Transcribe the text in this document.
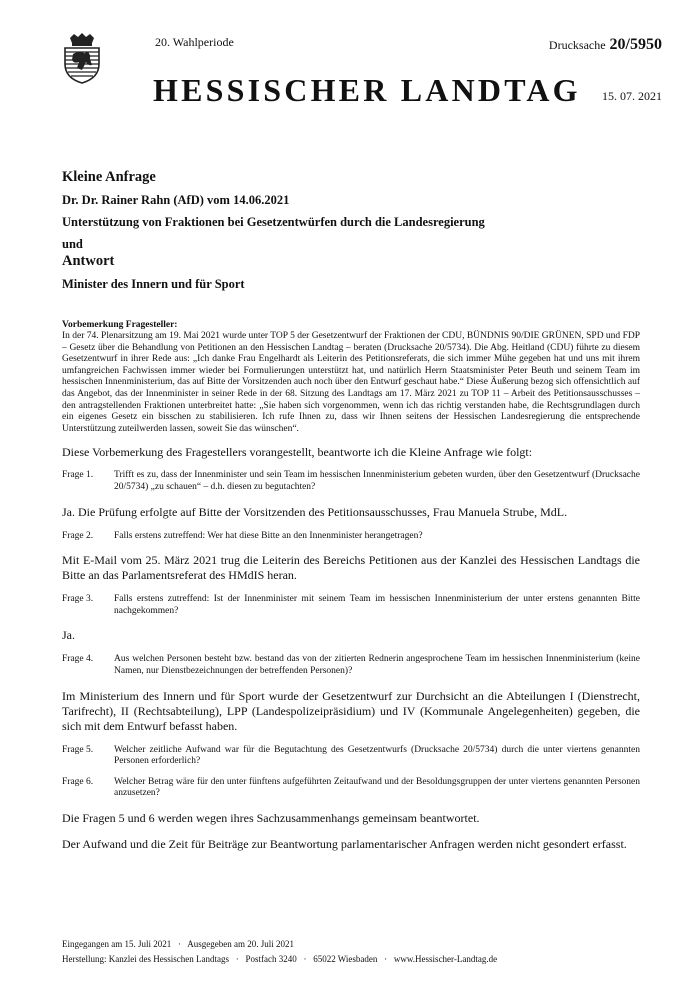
20. Wahlperiode	Drucksache 20/5950
HESSISCHER LANDTAG 15. 07. 2021
Kleine Anfrage
Dr. Dr. Rainer Rahn (AfD) vom 14.06.2021
Unterstützung von Fraktionen bei Gesetzentwürfen durch die Landesregierung
und
Antwort
Minister des Innern und für Sport
Vorbemerkung Fragesteller:

In der 74. Plenarsitzung am 19. Mai 2021 wurde unter TOP 5 der Gesetzentwurf der Fraktionen der CDU, BÜNDNIS 90/DIE GRÜNEN, SPD und FDP – Gesetz über die Behandlung von Petitionen an den Hessischen Landtag – beraten (Drucksache 20/5734). Die Abg. Heitland (CDU) führte zu diesem Gesetzentwurf in ihrer Rede aus: „Ich danke Frau Engelhardt als Leiterin des Petitionsreferats, die sich immer Mühe gegeben hat und uns mit ihrem umfangreichen Fachwissen immer wieder bei Formulierungen unterstützt hat, und natürlich Herrn Staatsminister Peter Beuth und seinem Team im hessischen Innenministerium, das auf Bitte der Vorsitzenden auch noch über den Entwurf geschaut habe.“ Diese Äußerung bezog sich offensichtlich auf das Angebot, das der Innenminister in seiner Rede in der 68. Sitzung des Landtags am 17. März 2021 zu TOP 11 – Arbeit des Petitionsausschusses – den antragstellenden Fraktionen unterbreitet hatte: „Sie haben sich vorgenommen, wenn ich das richtig verstanden habe, die Rechtsgrundlagen durch ein eigenes Gesetz ein bisschen zu stabilisieren. Ich rufe Ihnen zu, dass wir Ihnen seitens der Hessischen Landesregierung die entsprechende Unterstützung zuteilwerden lassen, soweit Sie das wünschen“.

Diese Vorbemerkung des Fragestellers vorangestellt, beantworte ich die Kleine Anfrage wie folgt:

Frage 1.	Trifft es zu, dass der Innenminister und sein Team im hessischen Innenministerium gebeten wurden, über den Gesetzentwurf (Drucksache 20/5734) „zu schauen“ – d.h. diesen zu begutachten?

Ja. Die Prüfung erfolgte auf Bitte der Vorsitzenden des Petitionsausschusses, Frau Manuela Strube, MdL.

Frage 2.	Falls erstens zutreffend: Wer hat diese Bitte an den Innenminister herangetragen?

Mit E-Mail vom 25. März 2021 trug die Leiterin des Bereichs Petitionen aus der Kanzlei des Hessischen Landtags die Bitte an das Parlamentsreferat des HMdIS heran.

Frage 3.	Falls erstens zutreffend: Ist der Innenminister mit seinem Team im hessischen Innenministerium der unter erstens genannten Bitte nachgekommen?

Ja.

Frage 4.	Aus welchen Personen besteht bzw. bestand das von der zitierten Rednerin angesprochene Team im hessischen Innenministerium (keine Namen, nur Dienstbezeichnungen der betreffenden Personen)?

Im Ministerium des Innern und für Sport wurde der Gesetzentwurf zur Durchsicht an die Abteilungen I (Dienstrecht, Tarifrecht), II (Rechtsabteilung), LPP (Landespolizeipräsidium) und IV (Kommunale Angelegenheiten) gegeben, die sich mit dem Entwurf befasst haben.

Frage 5.	Welcher zeitliche Aufwand war für die Begutachtung des Gesetzentwurfs (Drucksache 20/5734) durch die unter viertens genannten Personen erforderlich?
Frage 6.	Welcher Betrag wäre für den unter fünftens aufgeführten Zeitaufwand und der Besoldungsgruppen der unter viertens genannten Personen anzusetzen?

Die Fragen 5 und 6 werden wegen ihres Sachzusammenhangs gemeinsam beantwortet.

Der Aufwand und die Zeit für Beiträge zur Beantwortung parlamentarischer Anfragen werden nicht gesondert erfasst.

Eingegangen am 15. Juli 2021   ·   Ausgegeben am 20. Juli 2021
Herstellung: Kanzlei des Hessischen Landtags   ·   Postfach 3240   ·   65022 Wiesbaden   ·   www.Hessischer-Landtag.de
